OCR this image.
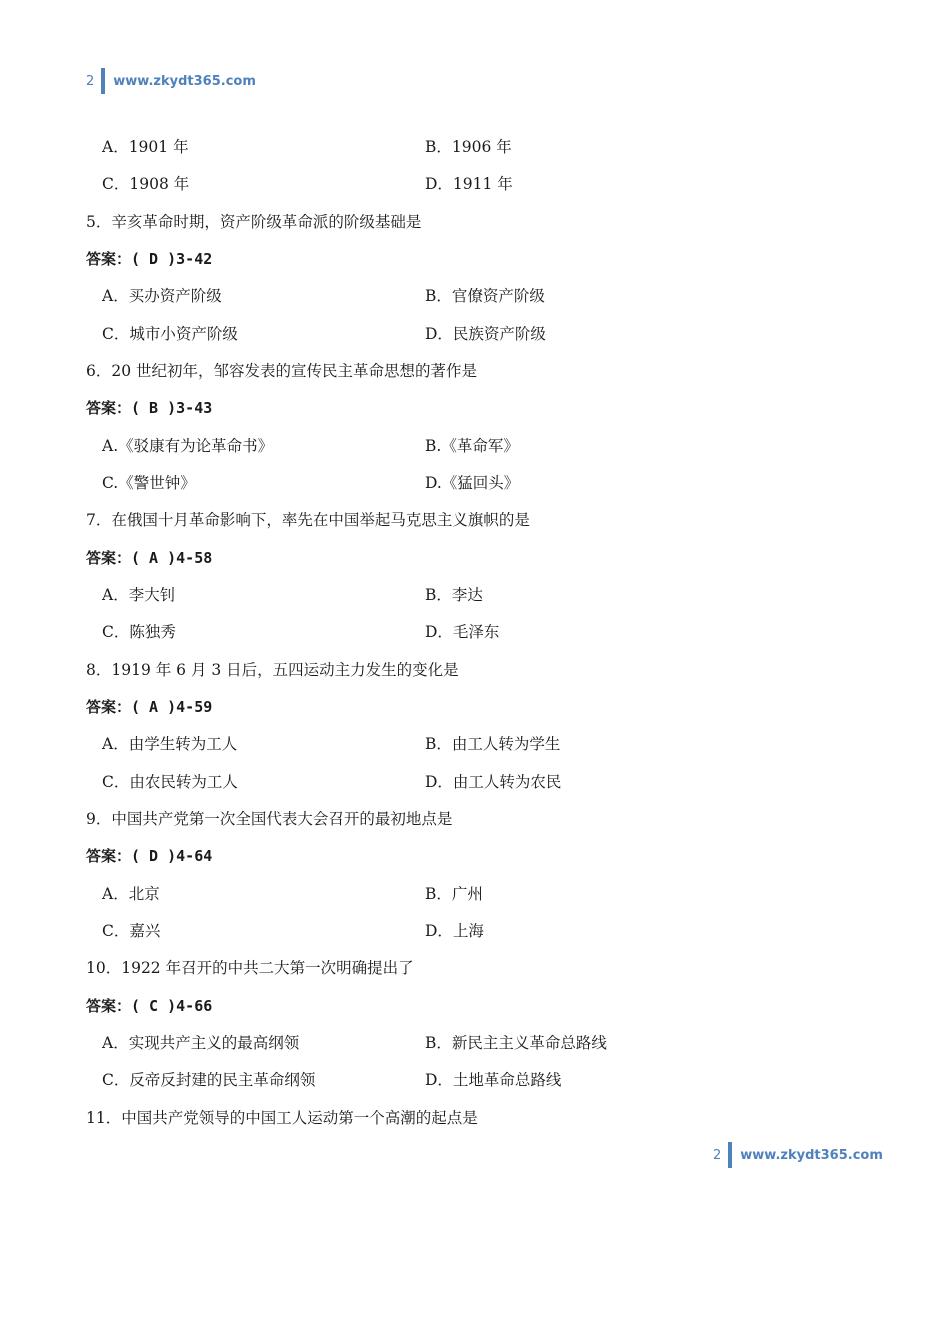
2 www.zkydt365.com
A．1901 年	B．1906 年
C．1908 年	D．1911 年
5．辛亥革命时期，资产阶级革命派的阶级基础是
答案：( D )3-42
A．买办资产阶级	B．官僚资产阶级
C．城市小资产阶级	D．民族资产阶级
6．20 世纪初年，邹容发表的宣传民主革命思想的著作是
答案：( B )3-43
A.《驳康有为论革命书》	B.《革命军》
C.《警世钟》	D.《猛回头》
7．在俄国十月革命影响下，率先在中国举起马克思主义旗帜的是
答案：( A )4-58
A．李大钊	B．李达
C．陈独秀	D．毛泽东
8．1919 年 6 月 3 日后，五四运动主力发生的变化是
答案：( A )4-59
A．由学生转为工人	B．由工人转为学生
C．由农民转为工人	D．由工人转为农民
9．中国共产党第一次全国代表大会召开的最初地点是
答案：( D )4-64
A．北京	B．广州
C．嘉兴	D．上海
10．1922 年召开的中共二大第一次明确提出了
答案：( C )4-66
A．实现共产主义的最高纲领	B．新民主主义革命总路线
C．反帝反封建的民主革命纲领	D．土地革命总路线
11．中国共产党领导的中国工人运动第一个高潮的起点是
2 www.zkydt365.com
